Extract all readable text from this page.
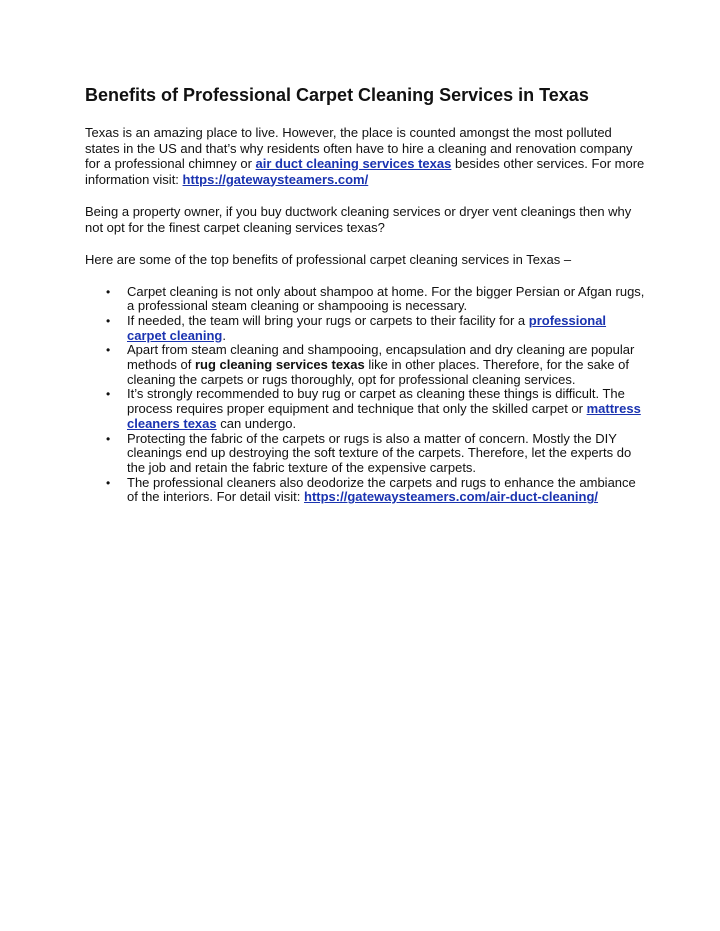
Benefits of Professional Carpet Cleaning Services in Texas

Texas is an amazing place to live. However, the place is counted amongst the most polluted states in the US and that’s why residents often have to hire a cleaning and renovation company for a professional chimney or air duct cleaning services texas besides other services. For more information visit: https://gatewaysteamers.com/

Being a property owner, if you buy ductwork cleaning services or dryer vent cleanings then why not opt for the finest carpet cleaning services texas?

Here are some of the top benefits of professional carpet cleaning services in Texas –

• Carpet cleaning is not only about shampoo at home. For the bigger Persian or Afgan rugs, a professional steam cleaning or shampooing is necessary.
• If needed, the team will bring your rugs or carpets to their facility for a professional carpet cleaning.
• Apart from steam cleaning and shampooing, encapsulation and dry cleaning are popular methods of rug cleaning services texas like in other places. Therefore, for the sake of cleaning the carpets or rugs thoroughly, opt for professional cleaning services.
• It’s strongly recommended to buy rug or carpet as cleaning these things is difficult. The process requires proper equipment and technique that only the skilled carpet or mattress cleaners texas can undergo.
• Protecting the fabric of the carpets or rugs is also a matter of concern. Mostly the DIY cleanings end up destroying the soft texture of the carpets. Therefore, let the experts do the job and retain the fabric texture of the expensive carpets.
• The professional cleaners also deodorize the carpets and rugs to enhance the ambiance of the interiors. For detail visit: https://gatewaysteamers.com/air-duct-cleaning/
